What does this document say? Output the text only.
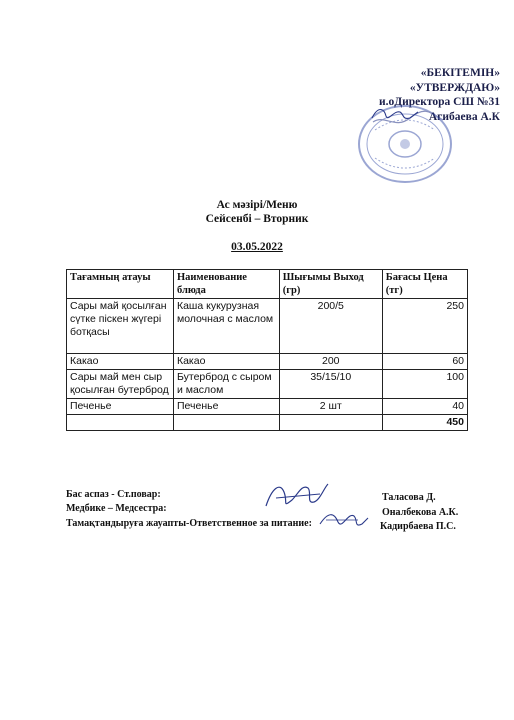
«БЕКІТЕМІН»
«УТВЕРЖДАЮ»
и.оДиректора СШ №31
Агибаева А.К
Ас мәзірі/Меню
Сейсенбі – Вторник
03.05.2022
Тағамның атауы	Наименование блюда	Шығымы Выход (гр)	Бағасы Цена (тг)
Сары май қосылған сүтке піскен жүгері ботқасы	Каша кукурузная молочная с маслом	200/5	250
Какао	Какао	200	60
Сары май мен сыр қосылған бутерброд	Бутерброд с сыром и маслом	35/15/10	100
Печенье	Печенье	2 шт	40
			450
Бас аспаз - Ст.повар:
Медбике – Медсестра:
Тамақтандыруға жауапты-Ответственное за питание:
Таласова Д.
Оналбекова А.К.
Кадирбаева П.С.
